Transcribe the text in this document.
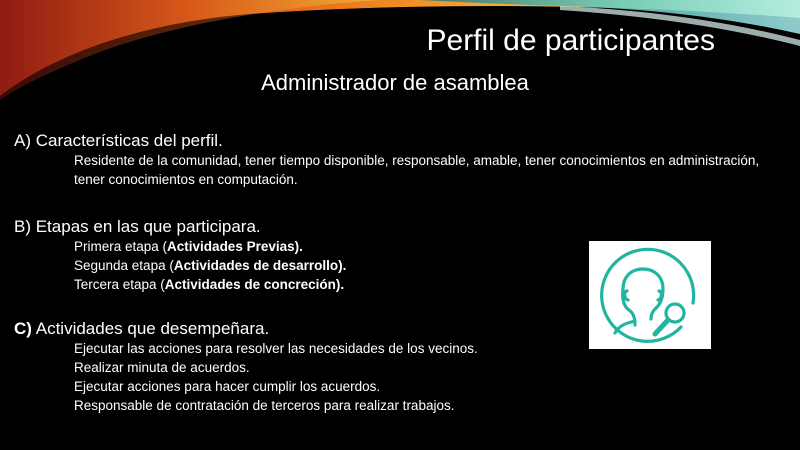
Perfil de participantes
Administrador de asamblea
A) Características del perfil.
Residente de la comunidad, tener tiempo disponible, responsable, amable, tener conocimientos en administración, tener conocimientos en computación.
B) Etapas en las que participara.
Primera etapa (Actividades Previas).
Segunda etapa (Actividades de desarrollo).
Tercera etapa (Actividades de concreción).
C) Actividades que desempeñara.
Ejecutar las acciones para resolver las necesidades de los vecinos.
Realizar minuta de acuerdos.
Ejecutar acciones para hacer cumplir los acuerdos.
Responsable de contratación de terceros para realizar trabajos.
